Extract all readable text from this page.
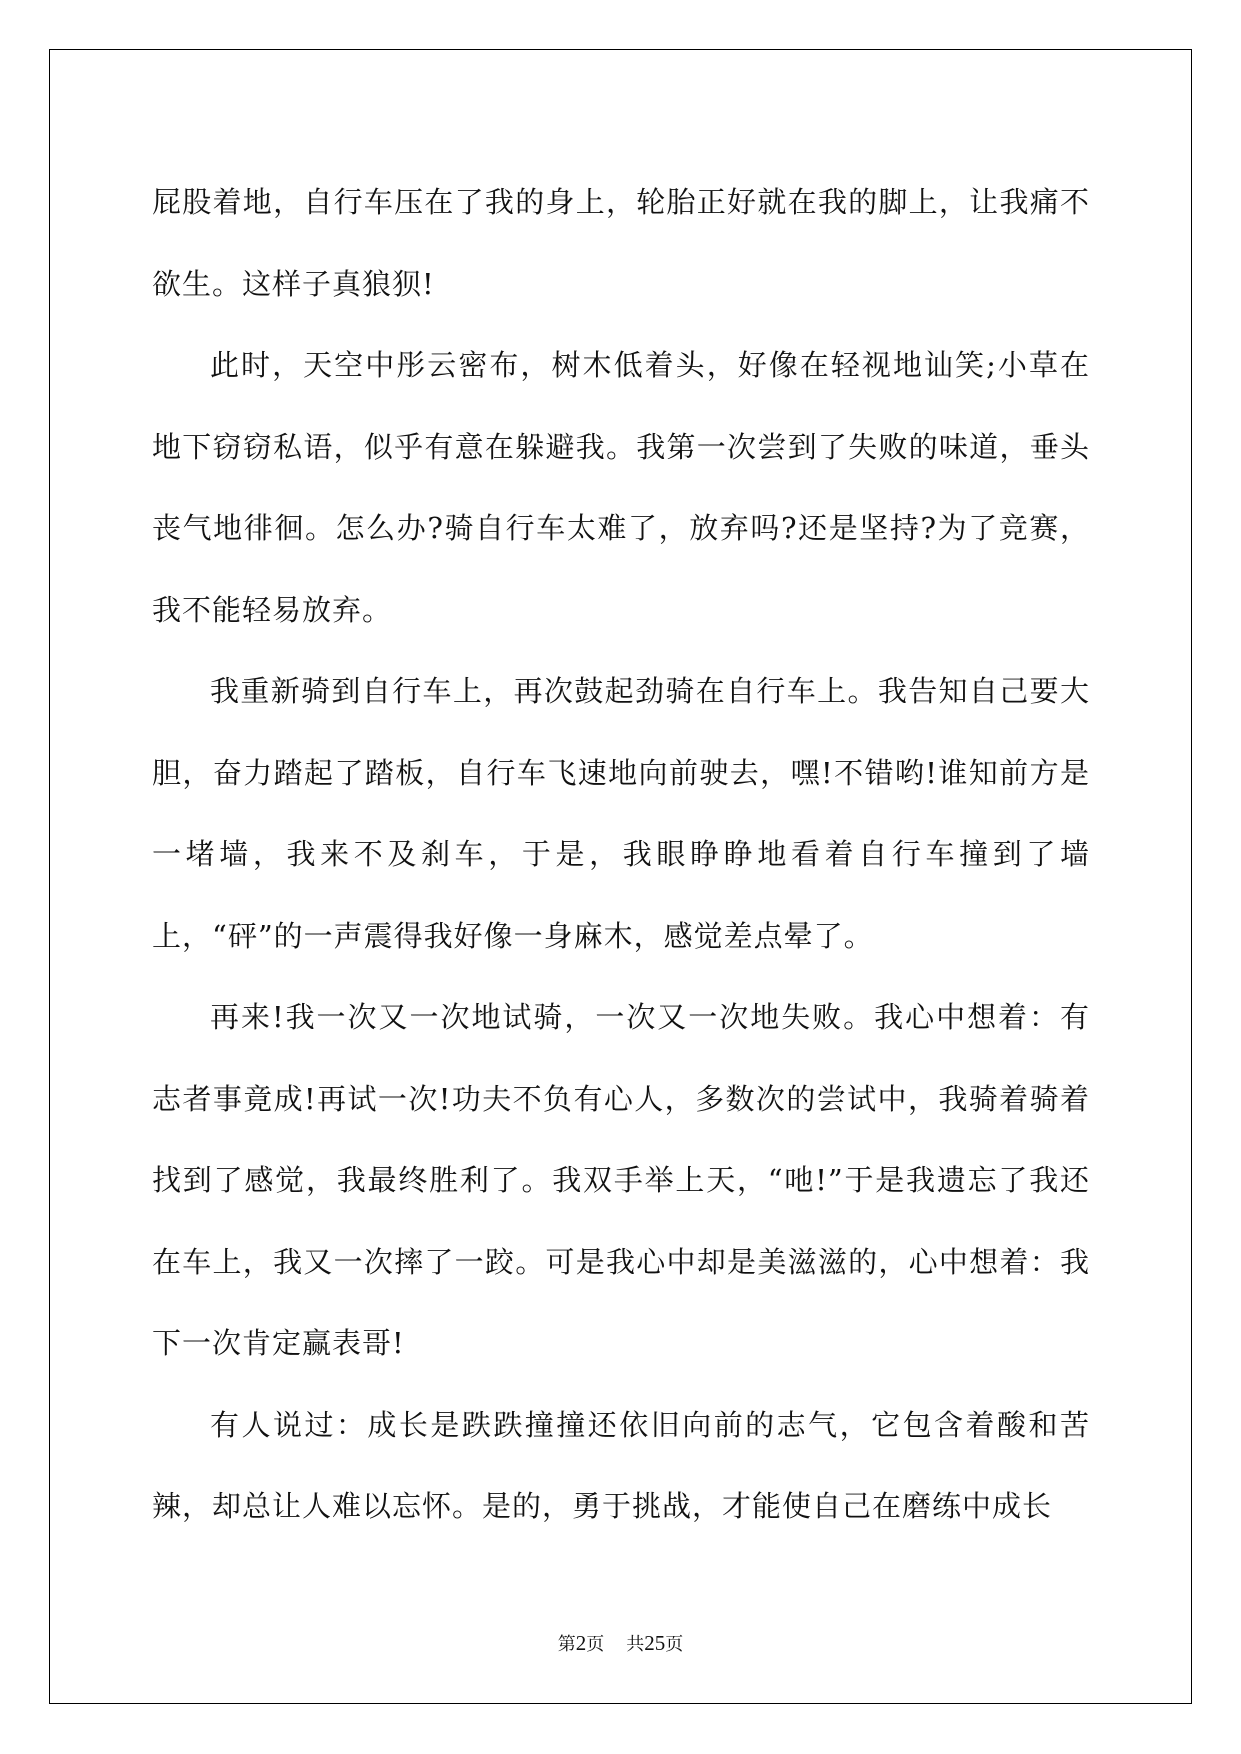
屁股着地，自行车压在了我的身上，轮胎正好就在我的脚上，让我痛不欲生。这样子真狼狈!

此时，天空中彤云密布，树木低着头，好像在轻视地讪笑;小草在地下窃窃私语，似乎有意在躲避我。我第一次尝到了失败的味道，垂头丧气地徘徊。怎么办?骑自行车太难了，放弃吗?还是坚持?为了竞赛，我不能轻易放弃。

我重新骑到自行车上，再次鼓起劲骑在自行车上。我告知自己要大胆，奋力踏起了踏板，自行车飞速地向前驶去，嘿!不错哟!谁知前方是一堵墙，我来不及刹车，于是，我眼睁睁地看着自行车撞到了墙上，“砰”的一声震得我好像一身麻木，感觉差点晕了。

再来!我一次又一次地试骑，一次又一次地失败。我心中想着：有志者事竟成!再试一次!功夫不负有心人，多数次的尝试中，我骑着骑着找到了感觉，我最终胜利了。我双手举上天，“吔!”于是我遗忘了我还在车上，我又一次摔了一跤。可是我心中却是美滋滋的，心中想着：我下一次肯定赢表哥!

有人说过：成长是跌跌撞撞还依旧向前的志气，它包含着酸和苦辣，却总让人难以忘怀。是的，勇于挑战，才能使自己在磨练中成长

第2页 共25页
